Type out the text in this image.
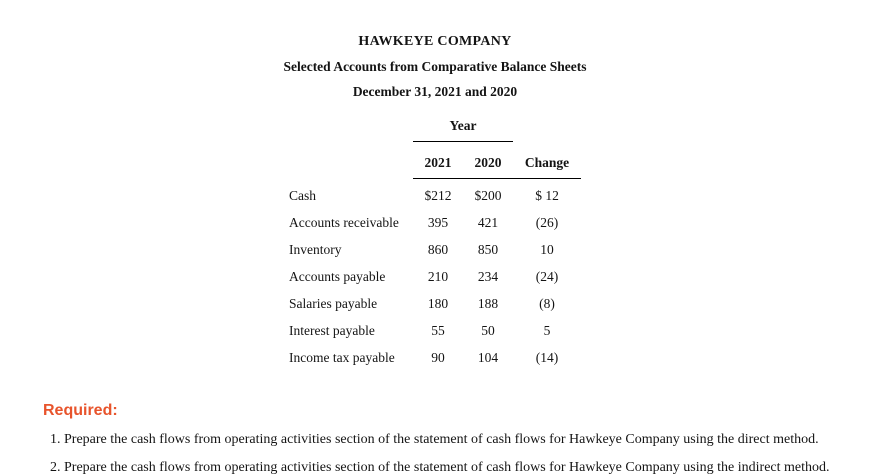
HAWKEYE COMPANY
Selected Accounts from Comparative Balance Sheets
December 31, 2021 and 2020
	Year		
	2021	2020	Change
Cash	$212	$200	$ 12
Accounts receivable	395	421	(26)
Inventory	860	850	10
Accounts payable	210	234	(24)
Salaries payable	180	188	(8)
Interest payable	55	50	5
Income tax payable	90	104	(14)
Required:
1. Prepare the cash flows from operating activities section of the statement of cash flows for Hawkeye Company using the direct method.
2. Prepare the cash flows from operating activities section of the statement of cash flows for Hawkeye Company using the indirect method.
